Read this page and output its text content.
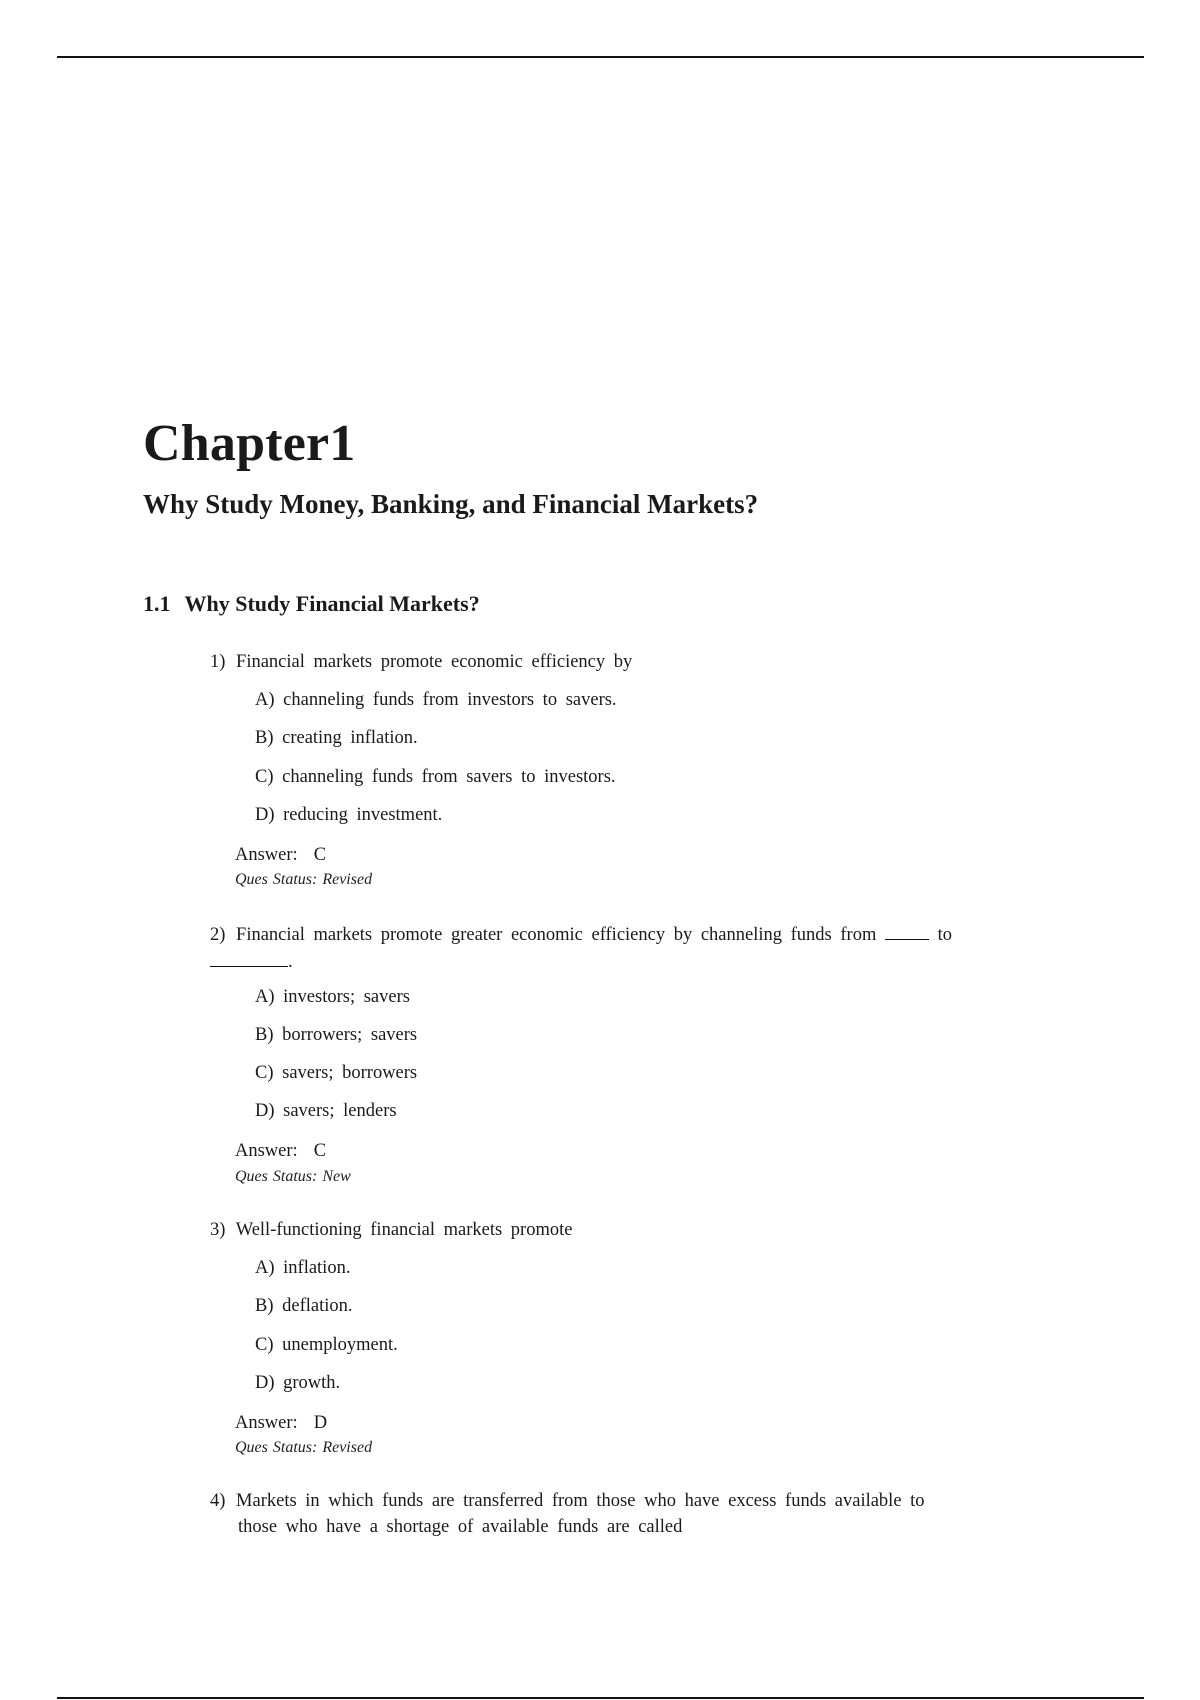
Chapter1
Why Study Money, Banking, and Financial Markets?
1.1 Why Study Financial Markets?

1) Financial markets promote economic efficiency by

A) channeling funds from investors to savers.
B) creating inflation.
C) channeling funds from savers to investors.
D) reducing investment.
Answer: C
Ques Status: Revised

2) Financial markets promote greater economic efficiency by channeling funds from	to
.

A) investors; savers
B) borrowers; savers
C) savers; borrowers
D) savers; lenders
Answer: C
Ques Status: New

3) Well-functioning financial markets promote

A) inflation.
B) deflation.
C) unemployment.
D) growth.
Answer: D
Ques Status: Revised

4) Markets in which funds are transferred from those who have excess funds available to
those who have a shortage of available funds are called
